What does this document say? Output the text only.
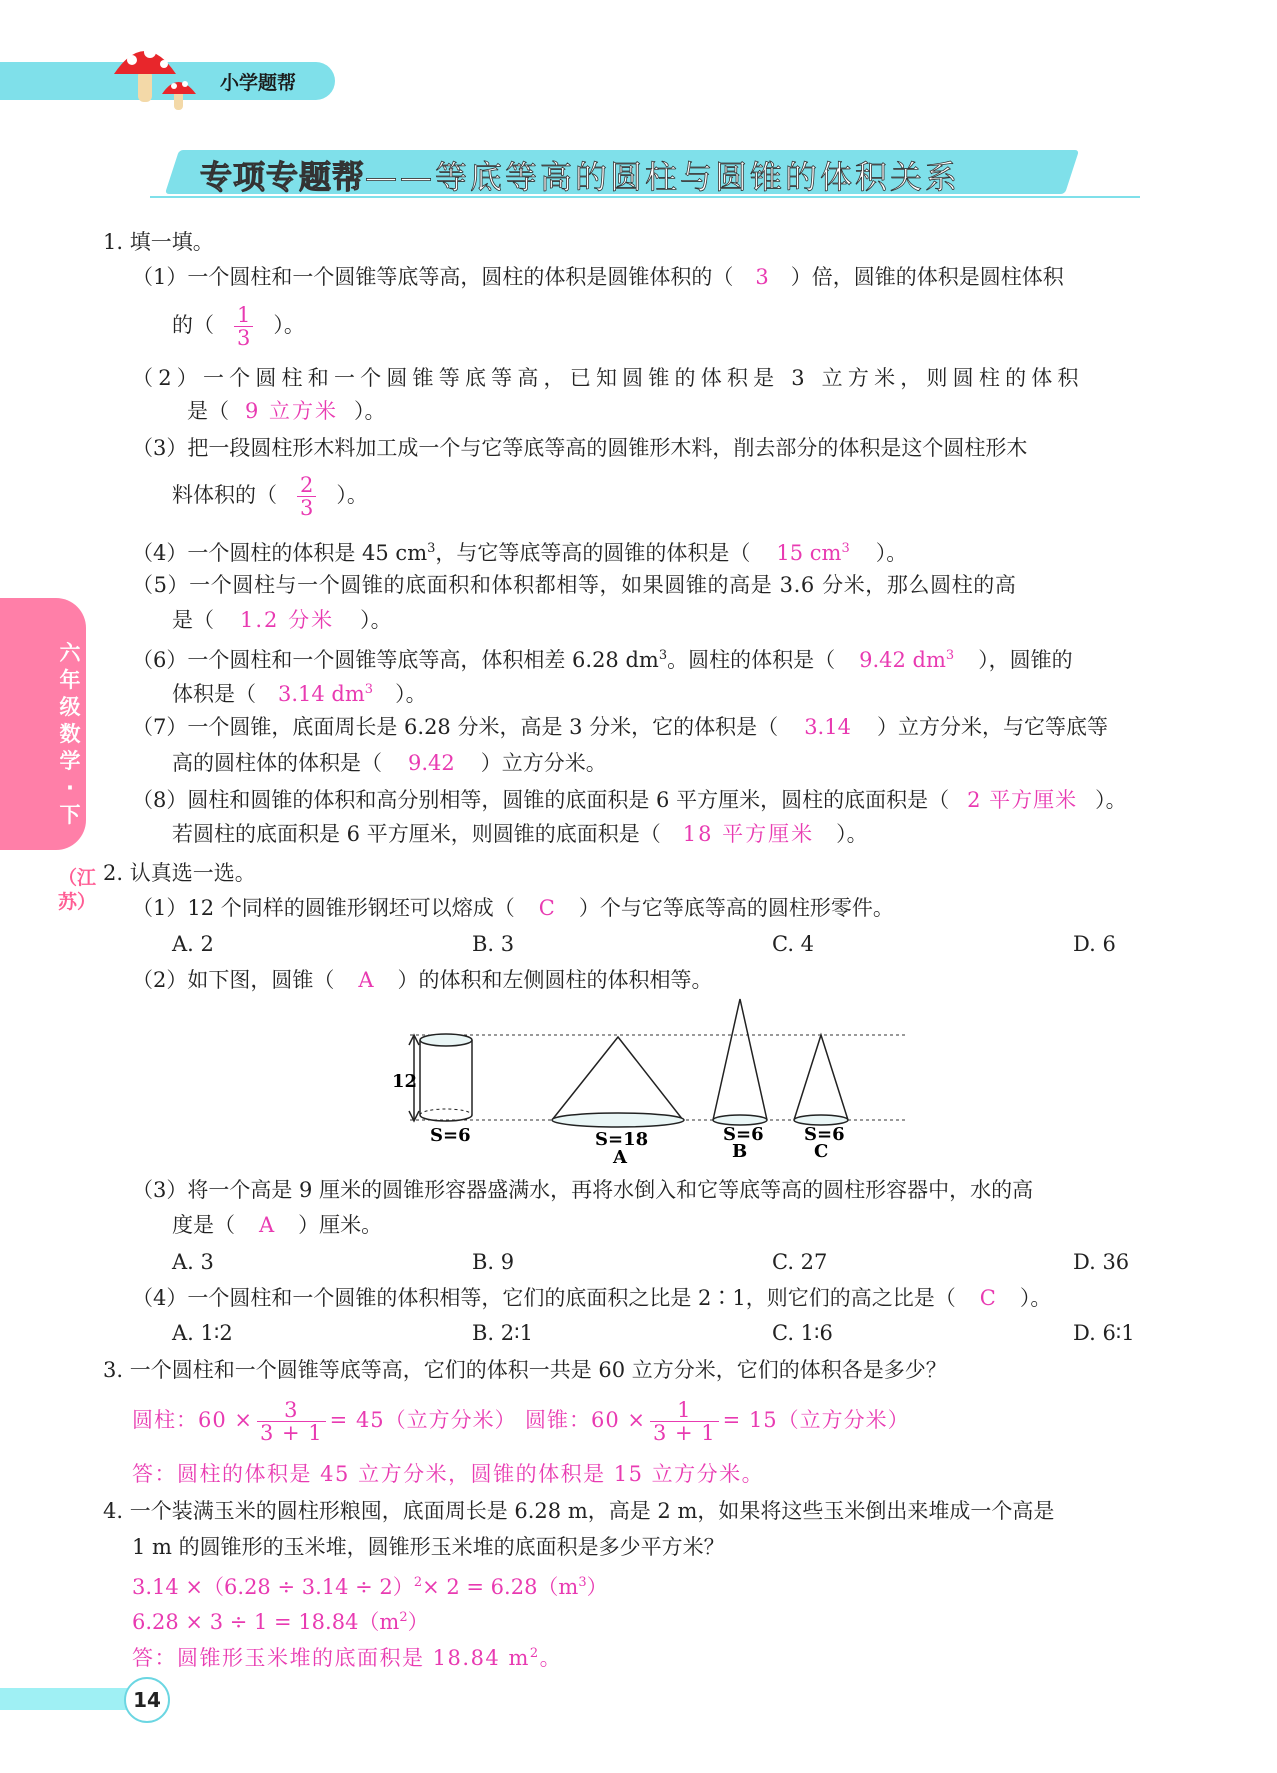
小学题帮
专项专题帮——等底等高的圆柱与圆锥的体积关系
六年级数学·下
（江苏）
1. 填一填。
（1）一个圆柱和一个圆锥等底等高，圆柱的体积是圆锥体积的（ 3 ）倍，圆锥的体积是圆柱体积
的（ $\frac{1}{3}$ ）。
（2）一个圆柱和一个圆锥等底等高，已知圆锥的体积是 3 立方米，则圆柱的体积
是（ 9 立方米 ）。
（3）把一段圆柱形木料加工成一个与它等底等高的圆锥形木料，削去部分的体积是这个圆柱形木
料体积的（ $\frac{2}{3}$ ）。
（4）一个圆柱的体积是 45 $cm^3$，与它等底等高的圆锥的体积是（ 15 $cm^3$ ）。
（5）一个圆柱与一个圆锥的底面积和体积都相等，如果圆锥的高是 3.6 分米，那么圆柱的高
是（ 1.2 分米 ）。
（6）一个圆柱和一个圆锥等底等高，体积相差 6.28 $dm^3$。圆柱的体积是（ 9.42 $dm^3$ ），圆锥的
体积是（ 3.14 $dm^3$ ）。
（7）一个圆锥，底面周长是 6.28 分米，高是 3 分米，它的体积是（ 3.14 ）立方分米，与它等底等
高的圆柱体的体积是（ 9.42 ）立方分米。
（8）圆柱和圆锥的体积和高分别相等，圆锥的底面积是 6 平方厘米，圆柱的底面积是（ 2 平方厘米 ）。
若圆柱的底面积是 6 平方厘米，则圆锥的底面积是（ 18 平方厘米 ）。
2. 认真选一选。
（1）12 个同样的圆锥形钢坯可以熔成（ C ）个与它等底等高的圆柱形零件。
A. 2	B. 3	C. 4	D. 6
（2）如下图，圆锥（ A ）的体积和左侧圆柱的体积相等。
12
S=6	S=18
A
S=6
B
S=6
C
（3）将一个高是 9 厘米的圆锥形容器盛满水，再将水倒入和它等底等高的圆柱形容器中，水的高
度是（ A ）厘米。
A. 3	B. 9	C. 27	D. 36
（4）一个圆柱和一个圆锥的体积相等，它们的底面积之比是 2∶1，则它们的高之比是（ C ）。
A. 1∶2	B. 2∶1	C. 1∶6	D. 6∶1
3. 一个圆柱和一个圆锥等底等高，它们的体积一共是 60 立方分米，它们的体积各是多少？
圆柱：$60 \times \frac{3}{3 + 1} = 45$（立方分米） 圆锥：$60 \times \frac{1}{3 + 1} = 15$（立方分米）
答：圆柱的体积是 45 立方分米，圆锥的体积是 15 立方分米。
4. 一个装满玉米的圆柱形粮囤，底面周长是 6.28 m，高是 2 m，如果将这些玉米倒出来堆成一个高是
1 m 的圆锥形的玉米堆，圆锥形玉米堆的底面积是多少平方米？
$3.14 \times(6.28 \div 3.14 \div 2)^2\times 2 = 6.28(m^3)$
$6.28 \times 3 \div 1 = 18.84(m^2)$
答：圆锥形玉米堆的底面积是 18.84 $m^2$。
14
